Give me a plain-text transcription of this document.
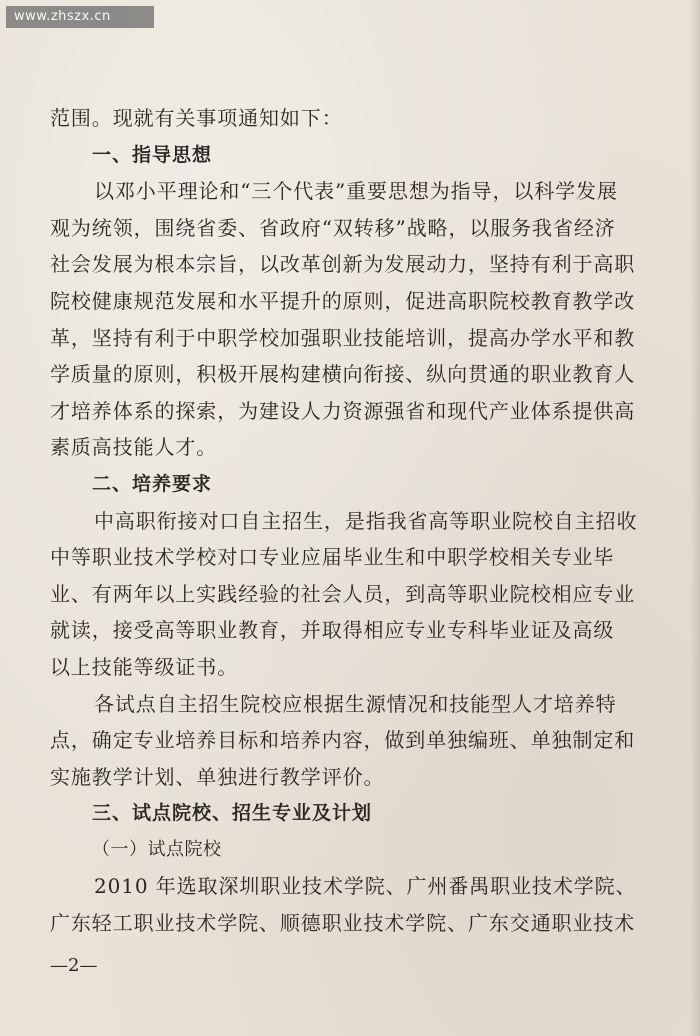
www.zhszx.cn
范围。现就有关事项通知如下：
一、指导思想
以邓小平理论和“三个代表”重要思想为指导，以科学发展
观为统领，围绕省委、省政府“双转移”战略，以服务我省经济
社会发展为根本宗旨，以改革创新为发展动力，坚持有利于高职
院校健康规范发展和水平提升的原则，促进高职院校教育教学改
革，坚持有利于中职学校加强职业技能培训，提高办学水平和教
学质量的原则，积极开展构建横向衔接、纵向贯通的职业教育人
才培养体系的探索，为建设人力资源强省和现代产业体系提供高
素质高技能人才。
二、培养要求
中高职衔接对口自主招生，是指我省高等职业院校自主招收
中等职业技术学校对口专业应届毕业生和中职学校相关专业毕
业、有两年以上实践经验的社会人员，到高等职业院校相应专业
就读，接受高等职业教育，并取得相应专业专科毕业证及高级
以上技能等级证书。
各试点自主招生院校应根据生源情况和技能型人才培养特
点，确定专业培养目标和培养内容，做到单独编班、单独制定和
实施教学计划、单独进行教学评价。
三、试点院校、招生专业及计划
（一）试点院校
2010 年选取深圳职业技术学院、广州番禺职业技术学院、
广东轻工职业技术学院、顺德职业技术学院、广东交通职业技术
—2—
